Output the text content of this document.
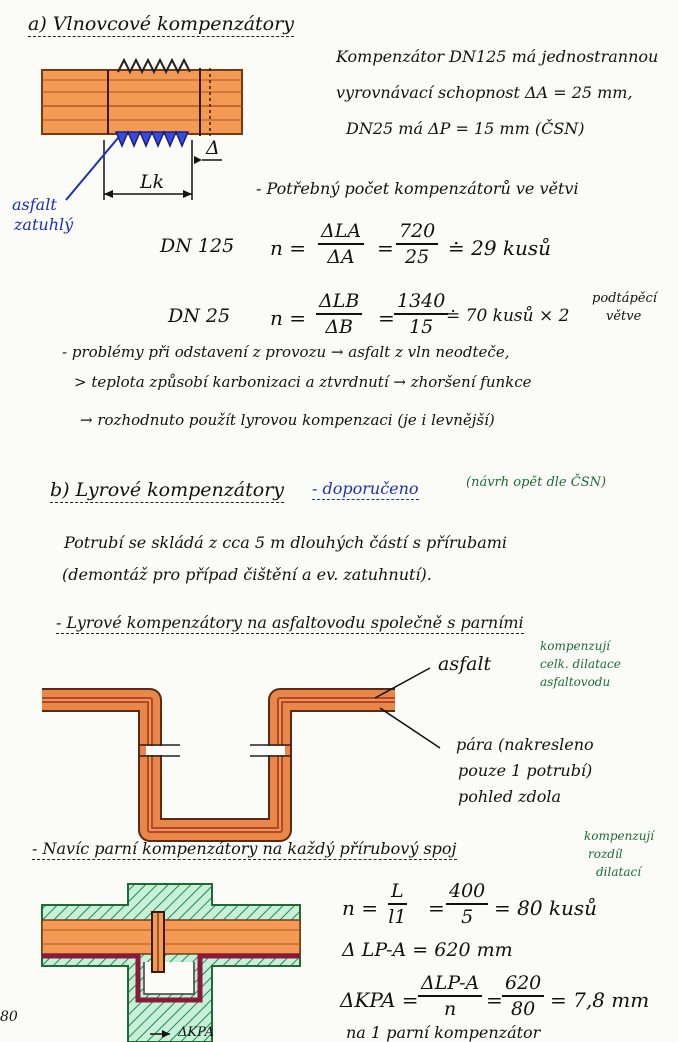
a) Vlnovcové kompenzátory
asfalt
zatuhlý
Lk
Δ
Kompenzátor DN125 má jednostrannou
vyrovnávací schopnost ΔA = 25 mm,
DN25 má ΔP = 15 mm (ČSN)
- Potřebný počet kompenzátorů ve větvi
DN 125 n =
ΔLA
$\Delta A = \frac{720}{25}$ ≐ 29 kusů
DN 25 n =
ΔLB
$\Delta B = \frac{1340}{15}$
≐ 70 kusů × 2
podtápěcí
větve
- problémy při odstavení z provozu → asfalt z vln neodteče,
> teplota způsobí karbonizaci a ztvrdnutí → zhoršení funkce
→ rozhodnuto použít lyrovou kompenzaci (je i levnější)
b) Lyrové kompenzátory - doporučeno	(návrh opět dle ČSN)
Potrubí se skládá z cca 5 m dlouhých částí s přírubami
(demontáž pro případ čištění a ev. zatuhnutí).
- Lyrové kompenzátory na asfaltovodu společně s parními
asfalt
kompenzují
celk. dilatace
asfaltovodu
pára (nakresleno
pouze 1 potrubí)
pohled zdola
- Navíc parní kompenzátory na každý přírubový spoj
kompenzují
rozdíl
dilatací
$n = \frac{L}{l1} = \frac{400}{5} = 80$ kusů
Δ LP-A = 620 mm
ΔKPA =
ΔLP-A
$n = \frac{620}{80} = 7,8$ mm
na 1 parní kompenzátor
ΔKPA
80
